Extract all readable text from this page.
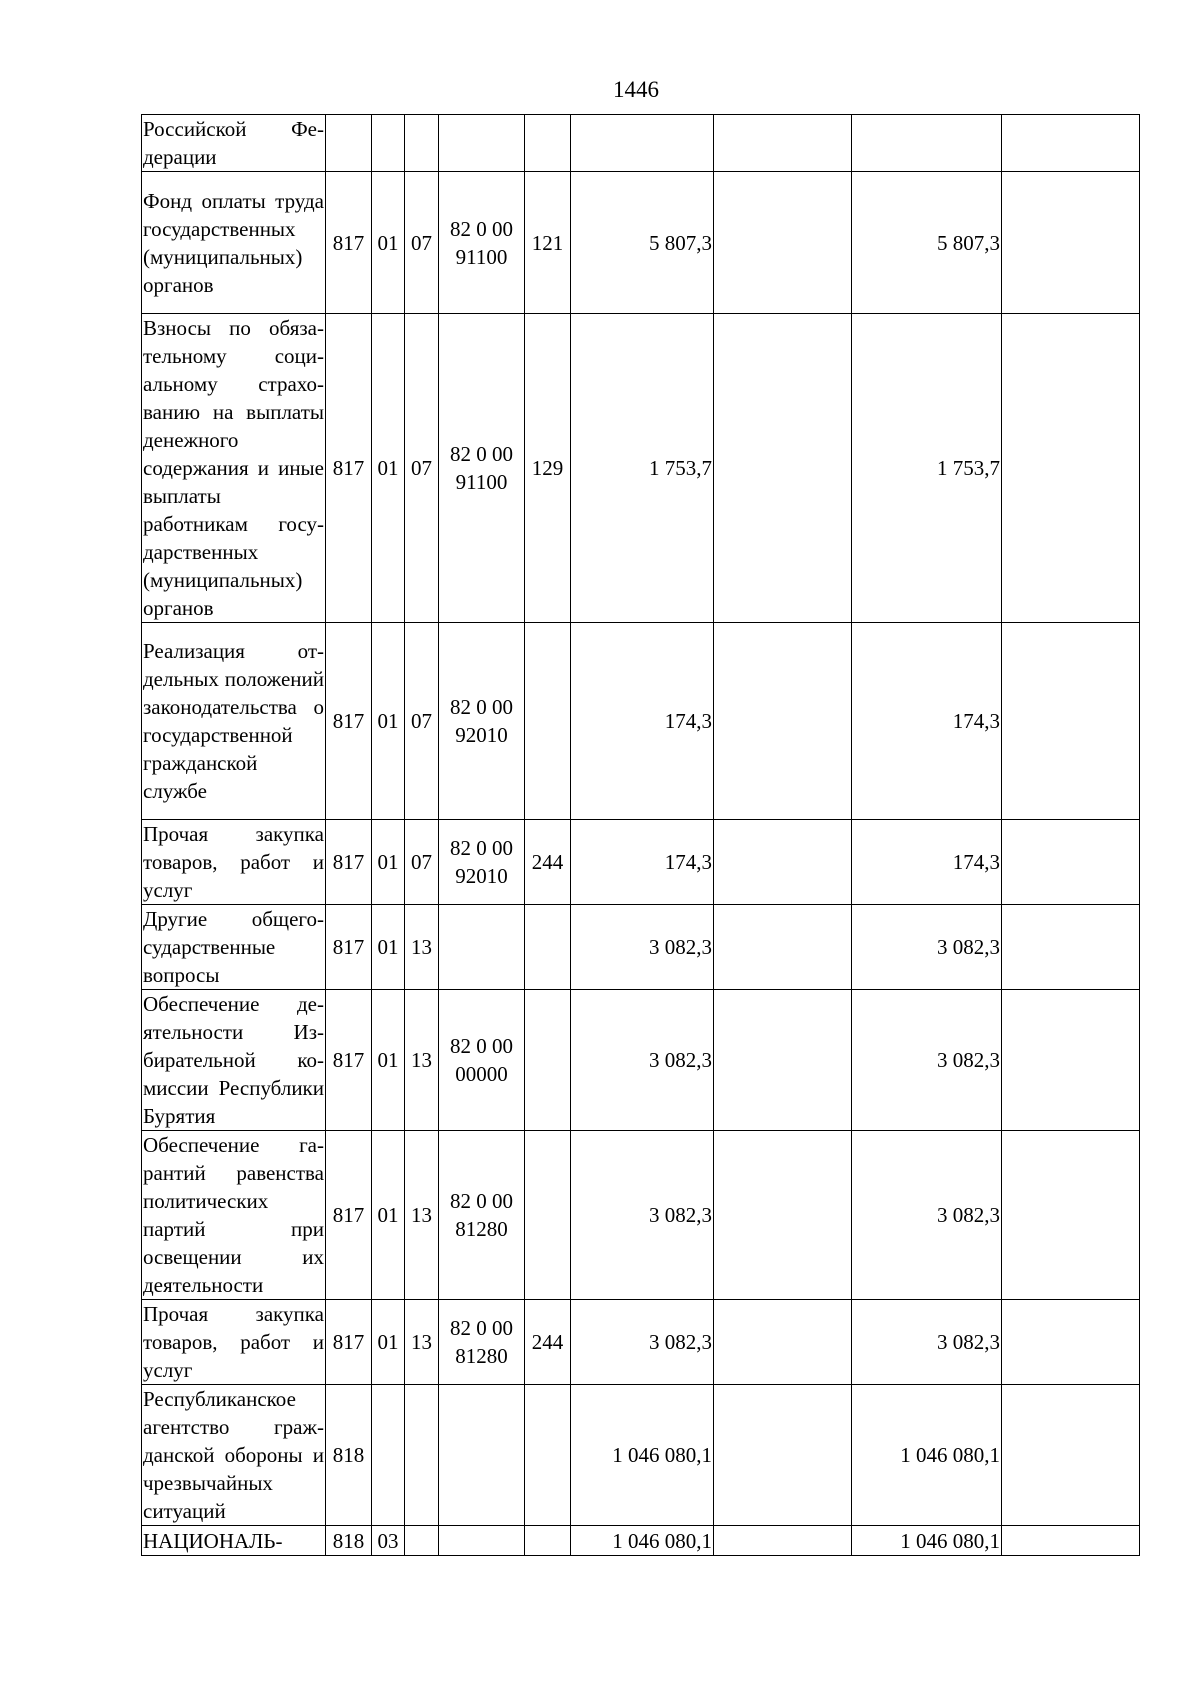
1446
Российской Федерации									
Фонд оплаты труда государственных (муниципальных) органов	817	01	07	82 0 00 91100	121	5 807,3		5 807,3	
Взносы по обязательному социальному страхованию на выплаты денежного содержания и иные выплаты работникам государственных (муниципальных) органов	817	01	07	82 0 00 91100	129	1 753,7		1 753,7	
Реализация отдельных положений законодательства о государственной гражданской службе	817	01	07	82 0 00 92010		174,3		174,3	
Прочая закупка товаров, работ и услуг	817	01	07	82 0 00 92010	244	174,3		174,3	
Другие общегосударственные вопросы	817	01	13			3 082,3		3 082,3	
Обеспечение деятельности Избирательной комиссии Республики Бурятия	817	01	13	82 0 00 00000		3 082,3		3 082,3	
Обеспечение гарантий равенства политических партий при освещении их деятельности	817	01	13	82 0 00 81280		3 082,3		3 082,3	
Прочая закупка товаров, работ и услуг	817	01	13	82 0 00 81280	244	3 082,3		3 082,3	
Республиканское агентство гражданской обороны и чрезвычайных ситуаций	818					1 046 080,1		1 046 080,1	
НАЦИОНАЛЬ-	818	03				1 046 080,1		1 046 080,1	
